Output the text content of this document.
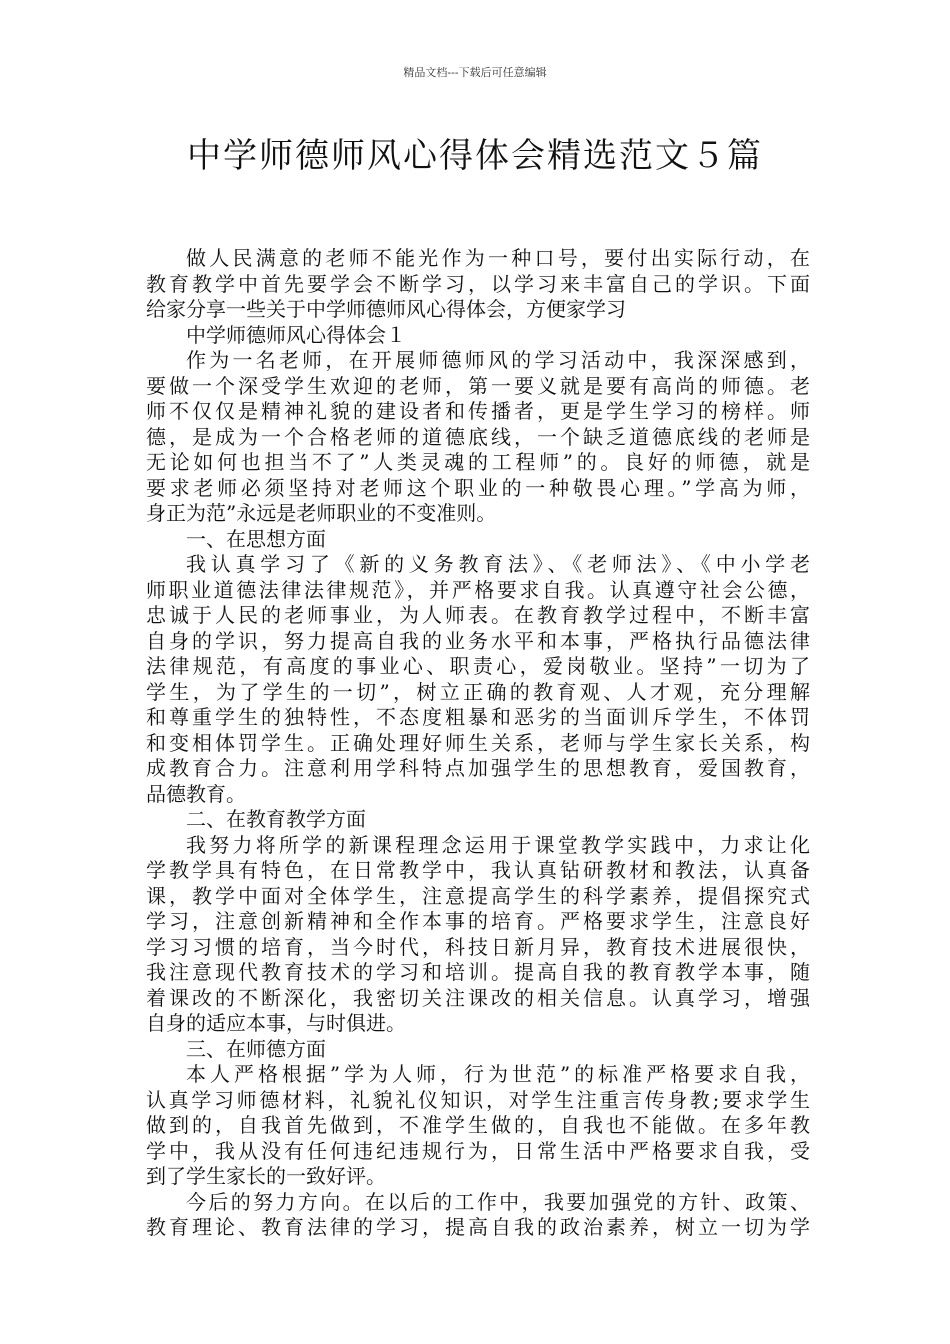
精品文档---下载后可任意编辑
中学师德师风心得体会精选范文５篇
做人民满意的老师不能光作为一种口号，要付出实际行动，在
教育教学中首先要学会不断学习，以学习来丰富自己的学识。下面
给家分享一些关于中学师德师风心得体会，方便家学习
中学师德师风心得体会１
作为一名老师，在开展师德师风的学习活动中，我深深感到，
要做一个深受学生欢迎的老师，第一要义就是要有高尚的师德。老
师不仅仅是精神礼貌的建设者和传播者，更是学生学习的榜样。师
德，是成为一个合格老师的道德底线，一个缺乏道德底线的老师是
无论如何也担当不了”人类灵魂的工程师”的。良好的师德，就是
要求老师必须坚持对老师这个职业的一种敬畏心理。”学高为师，
身正为范”永远是老师职业的不变准则。
一、在思想方面
我认真学习了《新的义务教育法》、《老师法》、《中小学老
师职业道德法律法律规范》，并严格要求自我。认真遵守社会公德，
忠诚于人民的老师事业，为人师表。在教育教学过程中，不断丰富
自身的学识，努力提高自我的业务水平和本事，严格执行品德法律
法律规范，有高度的事业心、职责心，爱岗敬业。坚持”一切为了
学生，为了学生的一切”，树立正确的教育观、人才观，充分理解
和尊重学生的独特性，不态度粗暴和恶劣的当面训斥学生，不体罚
和变相体罚学生。正确处理好师生关系，老师与学生家长关系，构
成教育合力。注意利用学科特点加强学生的思想教育，爱国教育，
品德教育。
二、在教育教学方面
我努力将所学的新课程理念运用于课堂教学实践中，力求让化
学教学具有特色，在日常教学中，我认真钻研教材和教法，认真备
课，教学中面对全体学生，注意提高学生的科学素养，提倡探究式
学习，注意创新精神和全作本事的培育。严格要求学生，注意良好
学习习惯的培育，当今时代，科技日新月异，教育技术进展很快，
我注意现代教育技术的学习和培训。提高自我的教育教学本事，随
着课改的不断深化，我密切关注课改的相关信息。认真学习，增强
自身的适应本事，与时俱进。
三、在师德方面
本人严格根据”学为人师，行为世范”的标准严格要求自我，
认真学习师德材料，礼貌礼仪知识，对学生注重言传身教;要求学生
做到的，自我首先做到，不准学生做的，自我也不能做。在多年教
学中，我从没有任何违纪违规行为，日常生活中严格要求自我，受
到了学生家长的一致好评。
今后的努力方向。在以后的工作中，我要加强党的方针、政策、
教育理论、教育法律的学习，提高自我的政治素养，树立一切为学
